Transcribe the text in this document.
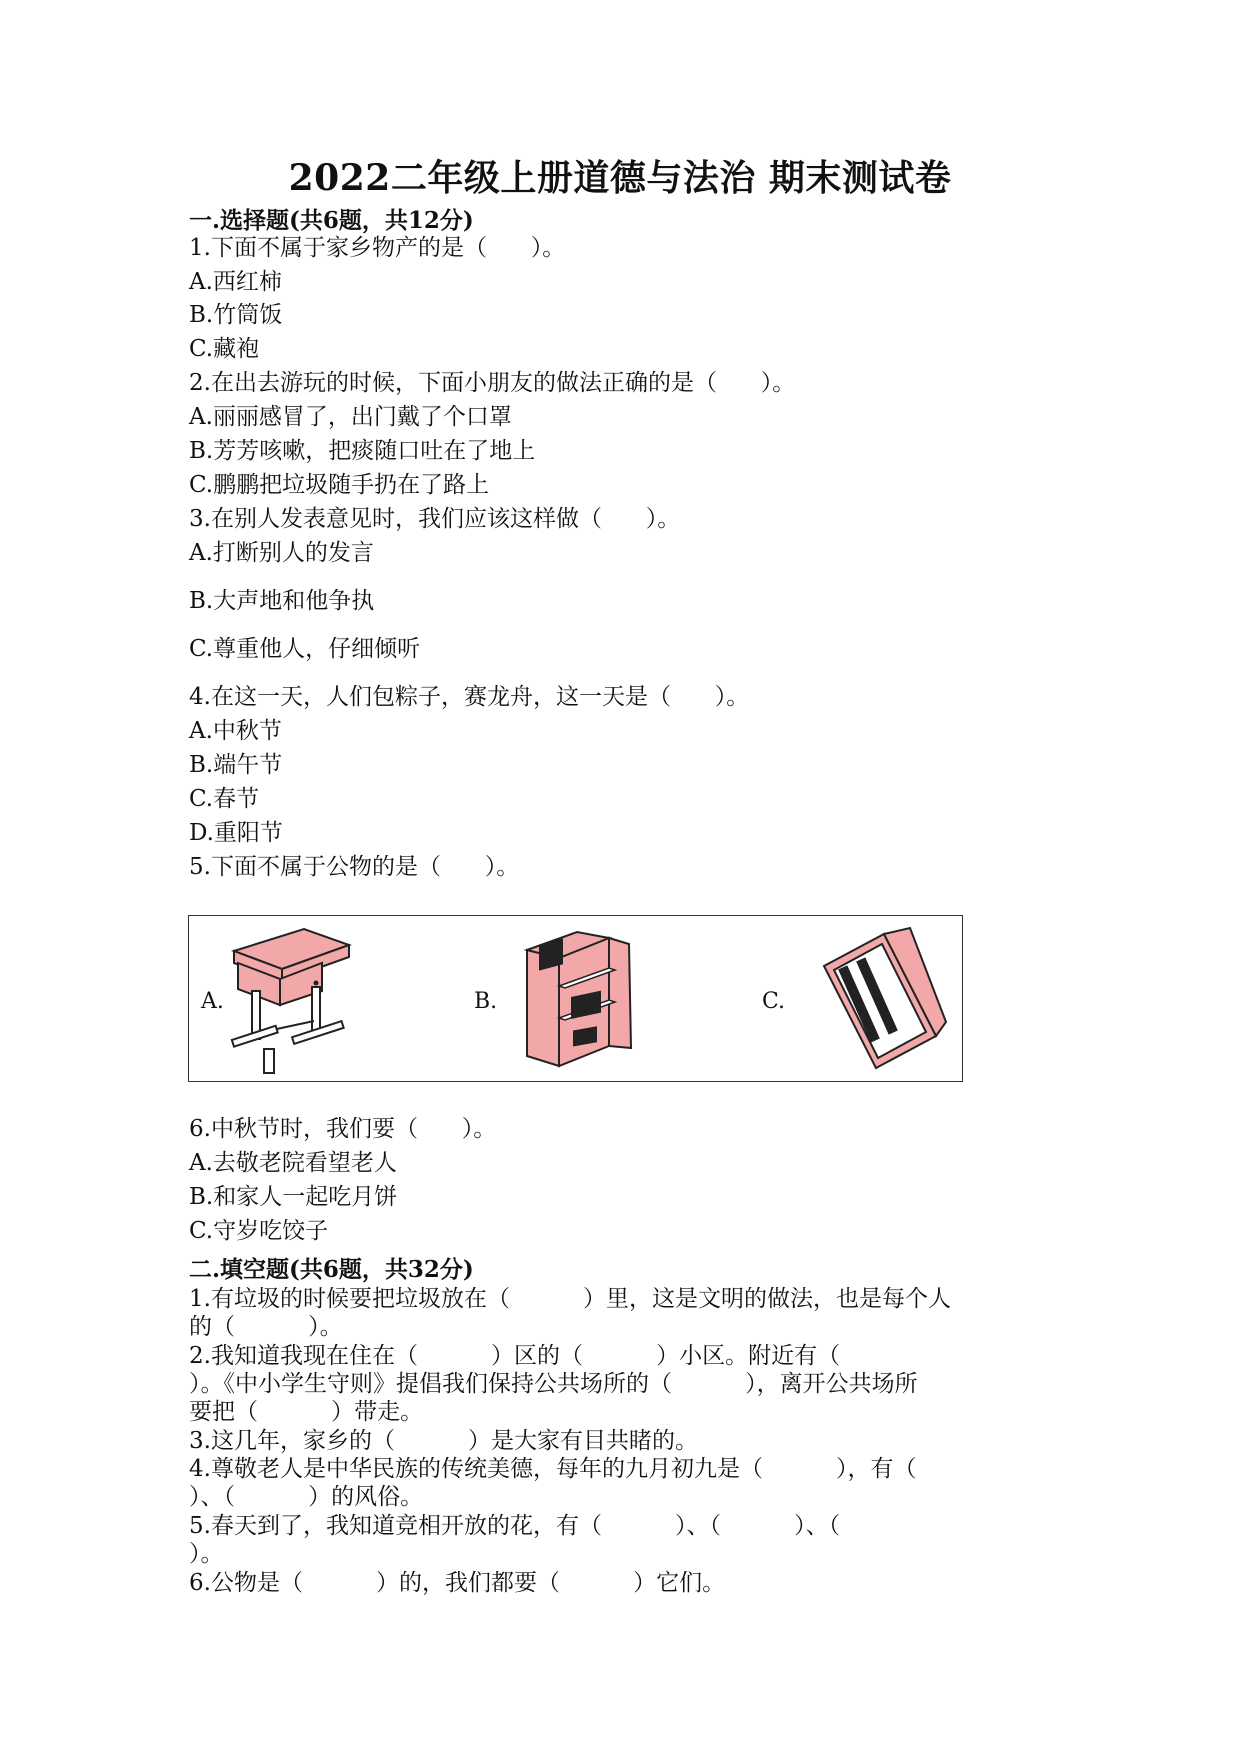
2022二年级上册道德与法治 期末测试卷

一.选择题(共6题，共12分)

1.下面不属于家乡物产的是（      ）。

A.西红柿

B.竹筒饭

C.藏袍

2.在出去游玩的时候，下面小朋友的做法正确的是（      ）。

A.丽丽感冒了，出门戴了个口罩

B.芳芳咳嗽，把痰随口吐在了地上

C.鹏鹏把垃圾随手扔在了路上

3.在别人发表意见时，我们应该这样做（      ）。

A.打断别人的发言

B.大声地和他争执

C.尊重他人，仔细倾听

4.在这一天，人们包粽子，赛龙舟，这一天是（      ）。

A.中秋节

B.端午节

C.春节

D.重阳节

5.下面不属于公物的是（      ）。

A.	B.	C.

6.中秋节时，我们要（      ）。

A.去敬老院看望老人

B.和家人一起吃月饼

C.守岁吃饺子

二.填空题(共6题，共32分)

1.有垃圾的时候要把垃圾放在（          ）里，这是文明的做法，也是每个人

的（          ）。

2.我知道我现在住在（          ）区的（          ）小区。附近有（

）。《中小学生守则》提倡我们保持公共场所的（          ），离开公共场所

要把（          ）带走。

3.这几年，家乡的（          ）是大家有目共睹的。

4.尊敬老人是中华民族的传统美德，每年的九月初九是（          ），有（

）、（          ）的风俗。

5.春天到了，我知道竞相开放的花，有（          ）、（          ）、（

）。

6.公物是（          ）的，我们都要（          ）它们。
